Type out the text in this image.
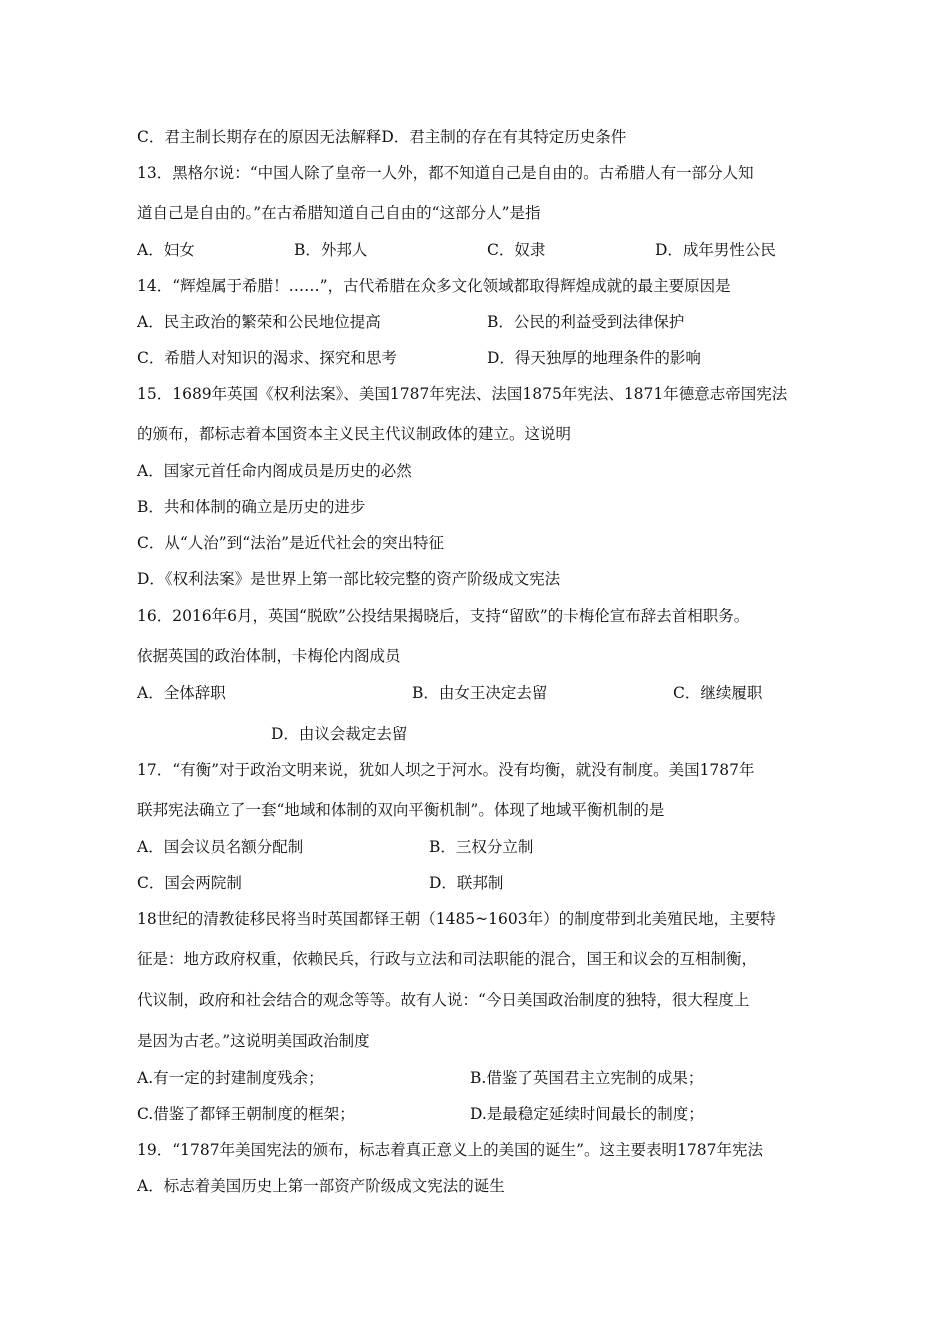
C．君主制长期存在的原因无法解释D．君主制的存在有其特定历史条件
13．黑格尔说：“中国人除了皇帝一人外，都不知道自己是自由的。古希腊人有一部分人知
道自己是自由的。”在古希腊知道自己自由的“这部分人”是指
A．妇女	B．外邦人	C．奴隶	D．成年男性公民
14．“辉煌属于希腊！……”，古代希腊在众多文化领域都取得辉煌成就的最主要原因是
A．民主政治的繁荣和公民地位提高	B．公民的利益受到法律保护
C．希腊人对知识的渴求、探究和思考	D．得天独厚的地理条件的影响
15．1689年英国《权利法案》、美国1787年宪法、法国1875年宪法、1871年德意志帝国宪法
的颁布，都标志着本国资本主义民主代议制政体的建立。这说明
A．国家元首任命内阁成员是历史的必然
B．共和体制的确立是历史的进步
C．从“人治”到“法治”是近代社会的突出特征
D．《权利法案》是世界上第一部比较完整的资产阶级成文宪法
16．2016年6月，英国“脱欧”公投结果揭晓后，支持“留欧”的卡梅伦宣布辞去首相职务。
依据英国的政治体制，卡梅伦内阁成员
A．全体辞职	B．由女王决定去留	C．继续履职
D．由议会裁定去留
17．“有衡”对于政治文明来说，犹如人坝之于河水。没有均衡，就没有制度。美国1787年
联邦宪法确立了一套“地域和体制的双向平衡机制”。体现了地域平衡机制的是
A．国会议员名额分配制	B．三权分立制
C．国会两院制	D．联邦制
18世纪的清教徒移民将当时英国都铎王朝（1485~1603年）的制度带到北美殖民地，主要特
征是：地方政府权重，依赖民兵，行政与立法和司法职能的混合，国王和议会的互相制衡，
代议制，政府和社会结合的观念等等。故有人说：“今日美国政治制度的独特，很大程度上
是因为古老。”这说明美国政治制度
A.有一定的封建制度残余；	B.借鉴了英国君主立宪制的成果；
C.借鉴了都铎王朝制度的框架；	D.是最稳定延续时间最长的制度；
19．“1787年美国宪法的颁布，标志着真正意义上的美国的诞生”。这主要表明1787年宪法
A．标志着美国历史上第一部资产阶级成文宪法的诞生
